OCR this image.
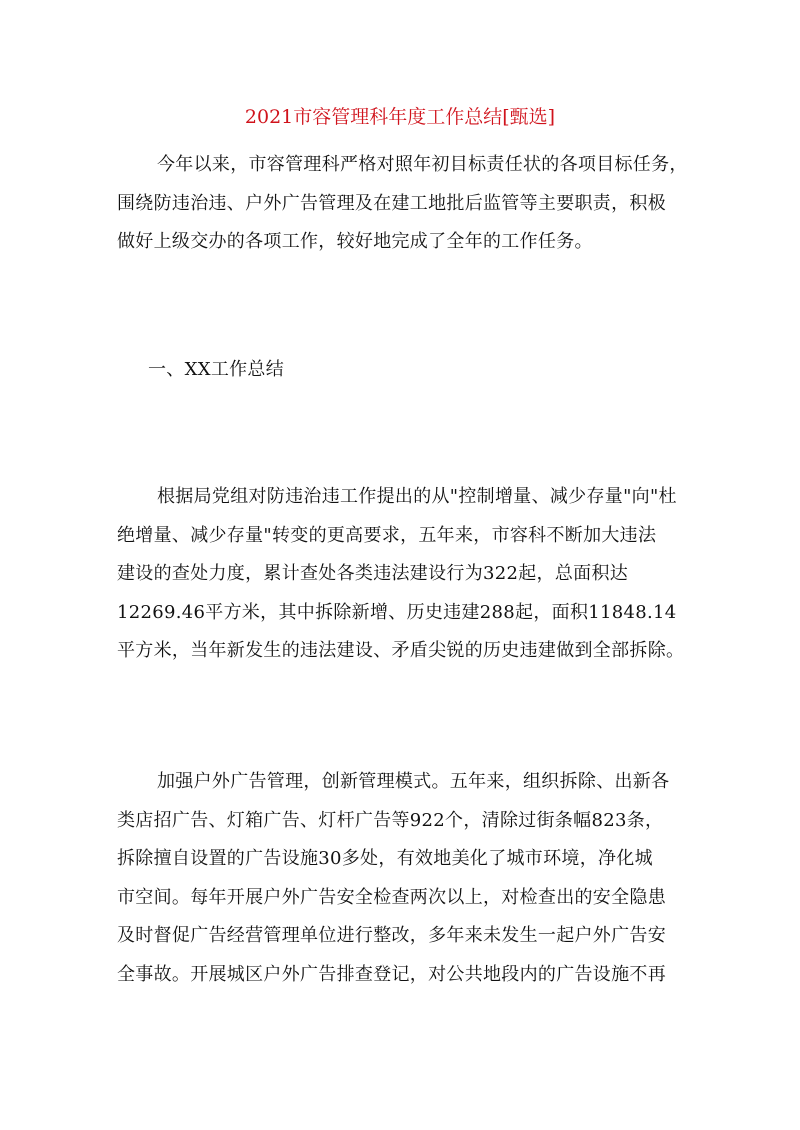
2021市容管理科年度工作总结[甄选]
今年以来，市容管理科严格对照年初目标责任状的各项目标任务，
围绕防违治违、户外广告管理及在建工地批后监管等主要职责，积极
做好上级交办的各项工作，较好地完成了全年的工作任务。
一、XX工作总结
根据局党组对防违治违工作提出的从"控制增量、减少存量"向"杜
绝增量、减少存量"转变的更高要求，五年来，市容科不断加大违法
建设的查处力度，累计查处各类违法建设行为322起，总面积达
12269.46平方米，其中拆除新增、历史违建288起，面积11848.14
平方米，当年新发生的违法建设、矛盾尖锐的历史违建做到全部拆除。
加强户外广告管理，创新管理模式。五年来，组织拆除、出新各
类店招广告、灯箱广告、灯杆广告等922个，清除过街条幅823条，
拆除擅自设置的广告设施30多处，有效地美化了城市环境，净化城
市空间。每年开展户外广告安全检查两次以上，对检查出的安全隐患
及时督促广告经营管理单位进行整改，多年来未发生一起户外广告安
全事故。开展城区户外广告排查登记，对公共地段内的广告设施不再
